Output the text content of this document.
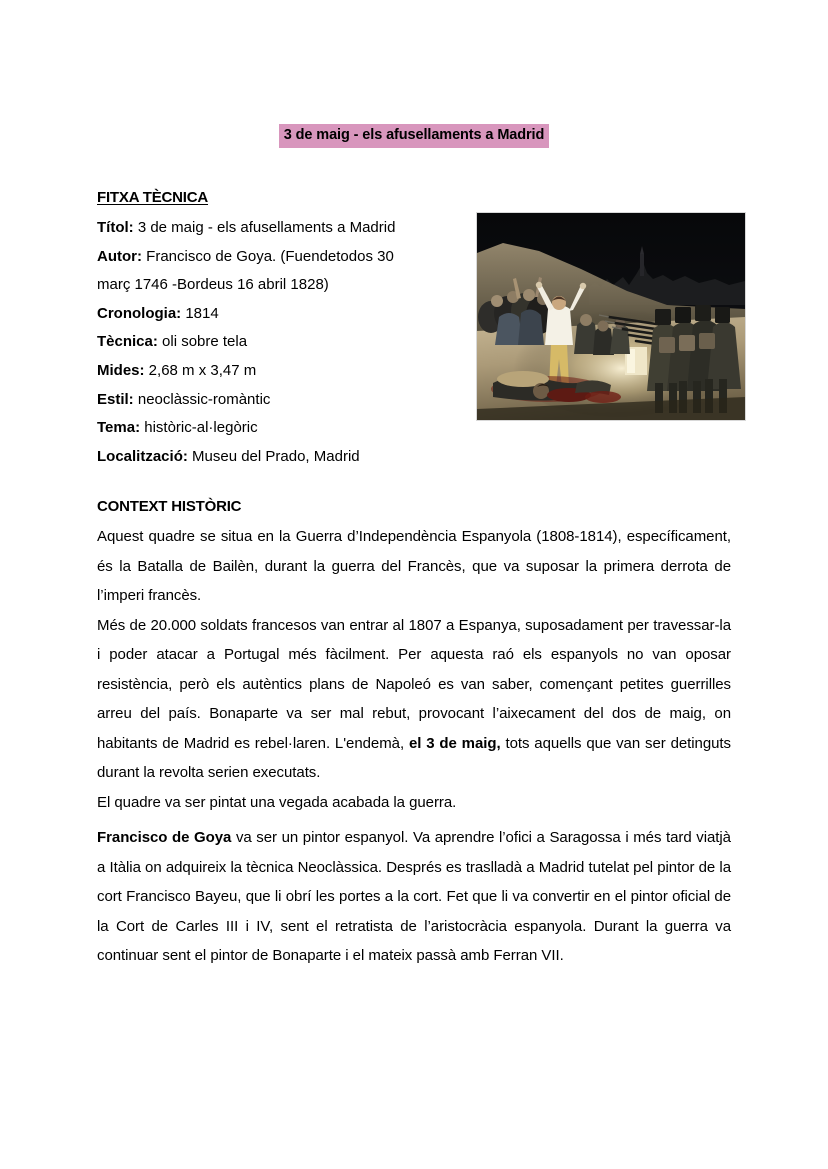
3 de maig - els afusellaments a Madrid
FITXA TÈCNICA
Títol: 3 de maig - els afusellaments a Madrid
Autor: Francisco de Goya. (Fuendetodos 30
març 1746 -Bordeus 16 abril 1828)
Cronologia: 1814
Tècnica: oli sobre tela
Mides: 2,68 m x 3,47 m
Estil: neoclàssic-romàntic
Tema: històric-al·legòric
Localització: Museu del Prado, Madrid
CONTEXT HISTÒRIC

Aquest quadre se situa en la Guerra d’Independència Espanyola (1808-1814), específicament, és la Batalla de Bailèn, durant la guerra del Francès, que va suposar la primera derrota de l’imperi francès.

Més de 20.000 soldats francesos van entrar al 1807 a Espanya, suposadament per travessar-la i poder atacar a Portugal més fàcilment. Per aquesta raó els espanyols no van oposar resistència, però els autèntics plans de Napoleó es van saber, començant petites guerrilles arreu del país. Bonaparte va ser mal rebut, provocant l’aixecament del dos de maig, on habitants de Madrid es rebel·laren. L'endemà, el 3 de maig, tots aquells que van ser detinguts durant la revolta serien executats.

El quadre va ser pintat una vegada acabada la guerra.

Francisco de Goya va ser un pintor espanyol. Va aprendre l’ofici a Saragossa i més tard viatjà a Itàlia on adquireix la tècnica Neoclàssica. Després es traslladà a Madrid tutelat pel pintor de la cort Francisco Bayeu, que li obrí les portes a la cort. Fet que li va convertir en el pintor oficial de la Cort de Carles III i IV, sent el retratista de l’aristocràcia espanyola. Durant la guerra va continuar sent el pintor de Bonaparte i el mateix passà amb Ferran VII.
